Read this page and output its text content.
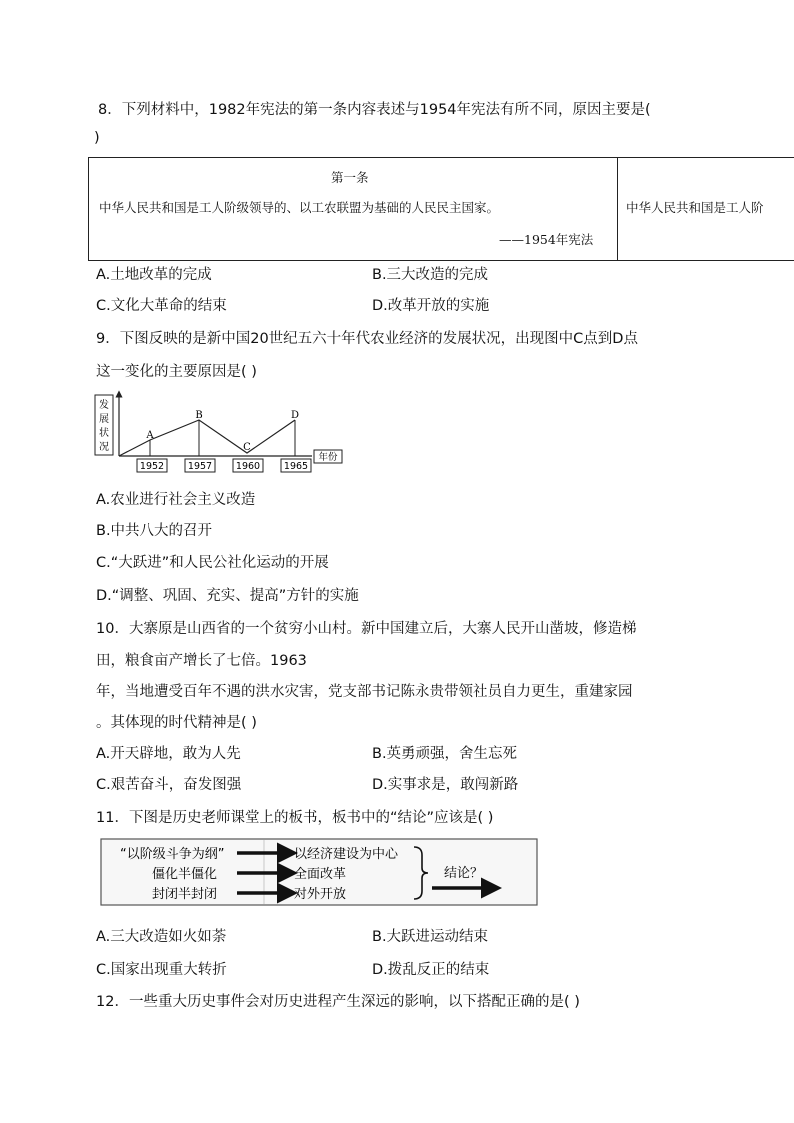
8．下列材料中，1982年宪法的第一条内容表述与1954年宪法有所不同，原因主要是(
)
第一条
中华人民共和国是工人阶级领导的、以工农联盟为基础的人民民主国家。
——1954年宪法
中华人民共和国是工人阶
A.土地改革的完成	B.三大改造的完成
C.文化大革命的结束	D.改革开放的实施
9．下图反映的是新中国20世纪五六十年代农业经济的发展状况，出现图中C点到D点
这一变化的主要原因是( )
发
展
状
况
年份
A
B
C
D
1952	1957	1960	1965
A.农业进行社会主义改造
B.中共八大的召开
C.“大跃进”和人民公社化运动的开展
D.“调整、巩固、充实、提高”方针的实施
10．大寨原是山西省的一个贫穷小山村。新中国建立后，大寨人民开山凿坡，修造梯
田，粮食亩产增长了七倍。1963
年，当地遭受百年不遇的洪水灾害，党支部书记陈永贵带领社员自力更生，重建家园
。其体现的时代精神是( )
A.开天辟地，敢为人先	B.英勇顽强，舍生忘死
C.艰苦奋斗，奋发图强	D.实事求是，敢闯新路
11．下图是历史老师课堂上的板书，板书中的“结论”应该是( )
“以阶级斗争为纲”	以经济建设为中心
僵化半僵化	全面改革
封闭半封闭	对外开放
结论？
A.三大改造如火如荼	B.大跃进运动结束
C.国家出现重大转折	D.拨乱反正的结束
12．一些重大历史事件会对历史进程产生深远的影响，以下搭配正确的是( )
